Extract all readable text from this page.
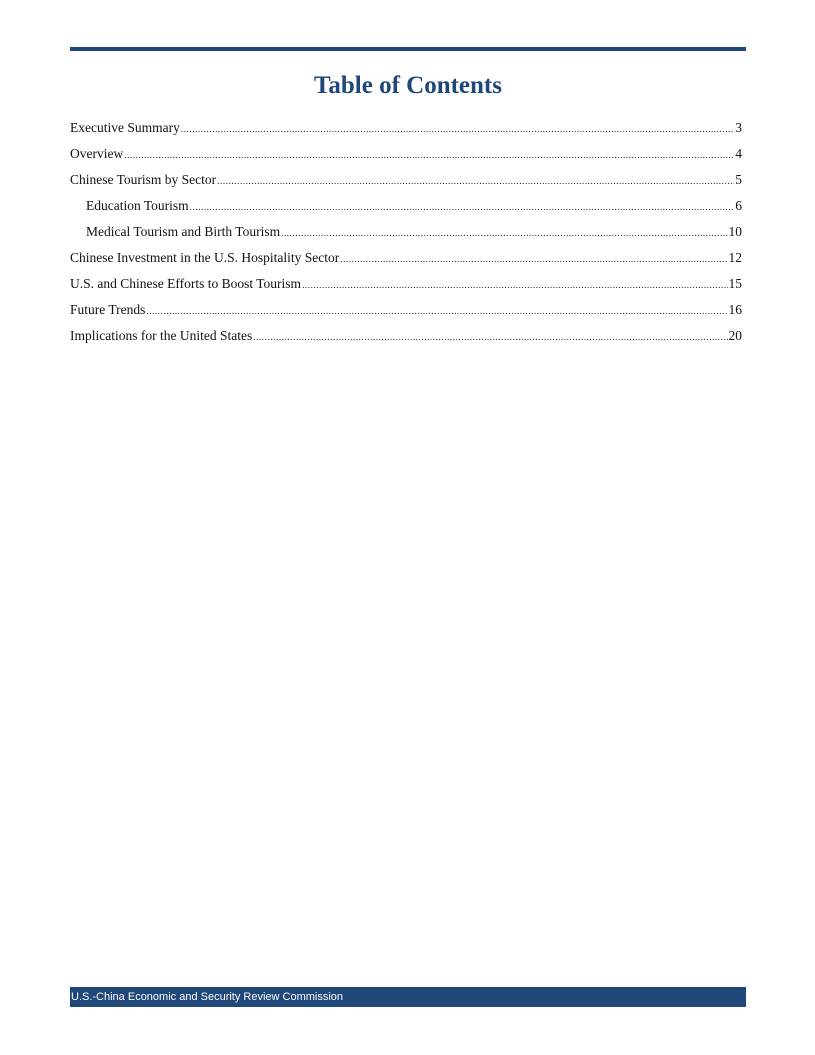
Table of Contents
Executive Summary .....	3
Overview .....	4
Chinese Tourism by Sector .....	5
Education Tourism .....	6
Medical Tourism and Birth Tourism .....	10
Chinese Investment in the U.S. Hospitality Sector .....	12
U.S. and Chinese Efforts to Boost Tourism .....	15
Future Trends .....	16
Implications for the United States .....	20
U.S.-China Economic and Security Review Commission
